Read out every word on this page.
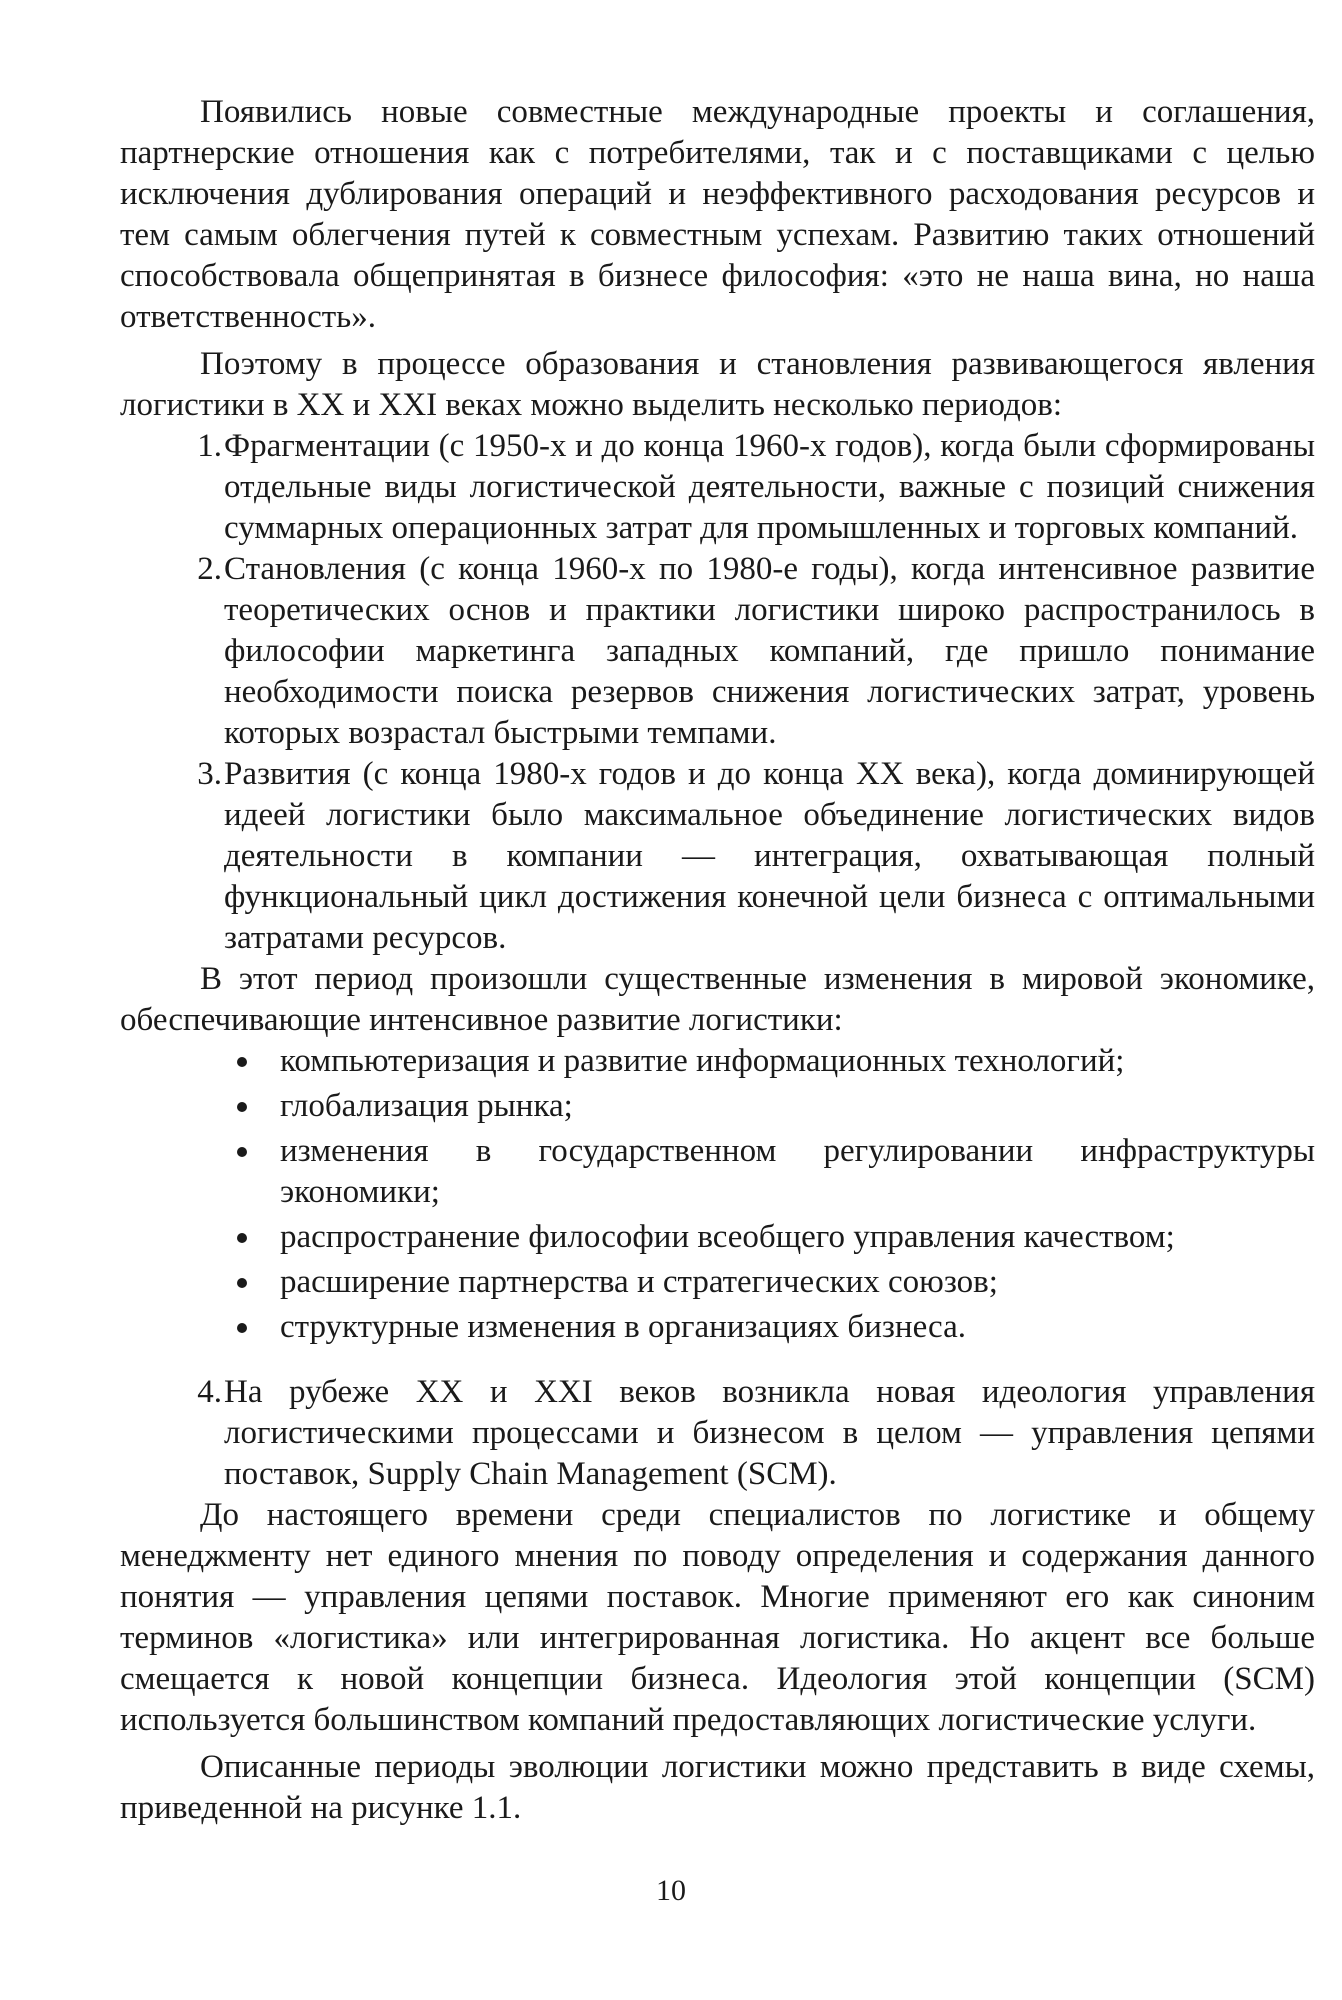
Появились новые совместные международные проекты и соглашения, партнерские отношения как с потребителями, так и с поставщиками с целью исключения дублирования операций и неэффективного расходования ресурсов и тем самым облегчения путей к совместным успехам. Развитию таких отношений способствовала общепринятая в бизнесе философия: «это не наша вина, но наша ответственность».

Поэтому в процессе образования и становления развивающегося явления логистики в XX и XXI веках можно выделить несколько периодов:

1. Фрагментации (с 1950-х и до конца 1960-х годов), когда были сформированы отдельные виды логистической деятельности, важные с позиций снижения суммарных операционных затрат для промышленных и торговых компаний.
2. Становления (с конца 1960-х по 1980-е годы), когда интенсивное развитие теоретических основ и практики логистики широко распространилось в философии маркетинга западных компаний, где пришло понимание необходимости поиска резервов снижения логистических затрат, уровень которых возрастал быстрыми темпами.
3. Развития (с конца 1980-х годов и до конца XX века), когда доминирующей идеей логистики было максимальное объединение логистических видов деятельности в компании — интеграция, охватывающая полный функциональный цикл достижения конечной цели бизнеса с оптимальными затратами ресурсов.

В этот период произошли существенные изменения в мировой экономике, обеспечивающие интенсивное развитие логистики:

компьютеризация и развитие информационных технологий;
глобализация рынка;
изменения в государственном регулировании инфраструктуры экономики;
распространение философии всеобщего управления качеством;
расширение партнерства и стратегических союзов;
структурные изменения в организациях бизнеса.
4. На рубеже XX и XXI веков возникла новая идеология управления логистическими процессами и бизнесом в целом — управления цепями поставок, Supply Chain Management (SCM).

До настоящего времени среди специалистов по логистике и общему менеджменту нет единого мнения по поводу определения и содержания данного понятия — управления цепями поставок. Многие применяют его как синоним терминов «логистика» или интегрированная логистика. Но акцент все больше смещается к новой концепции бизнеса. Идеология этой концепции (SCM) используется большинством компаний предоставляющих логистические услуги.

Описанные периоды эволюции логистики можно представить в виде схемы, приведенной на рисунке 1.1.

10
